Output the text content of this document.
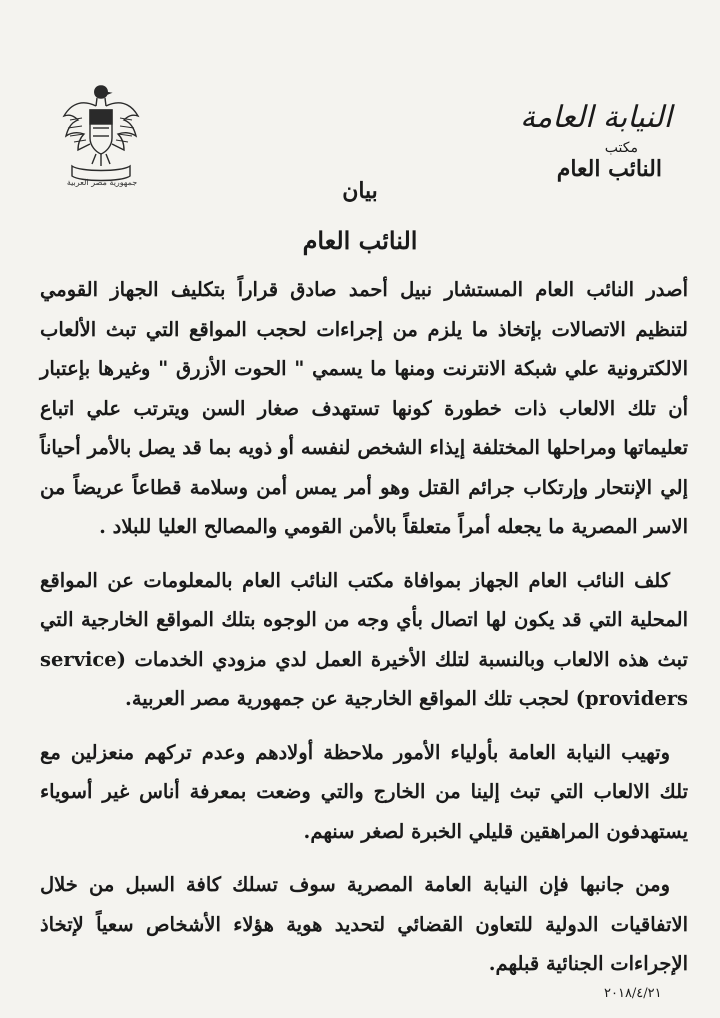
جمهورية مصر العربية
النيابة العامة
مكتب
النائب العام
بيان
النائب العام

أصدر النائب العام المستشار نبيل أحمد صادق قراراً بتكليف الجهاز القومي لتنظيم الاتصالات بإتخاذ ما يلزم من إجراءات لحجب المواقع التي تبث الألعاب الالكترونية علي شبكة الانترنت ومنها ما يسمي " الحوت الأزرق " وغيرها بإعتبار أن تلك الالعاب ذات خطورة كونها تستهدف صغار السن ويترتب علي اتباع تعليماتها ومراحلها المختلفة إيذاء الشخص لنفسه أو ذويه بما قد يصل بالأمر أحياناً إلي الإنتحار وإرتكاب جرائم القتل وهو أمر يمس أمن وسلامة قطاعاً عريضاً من الاسر المصرية ما يجعله أمراً متعلقاً بالأمن القومي والمصالح العليا للبلاد .

كلف النائب العام الجهاز بموافاة مكتب النائب العام بالمعلومات عن المواقع المحلية التي قد يكون لها اتصال بأي وجه من الوجوه بتلك المواقع الخارجية التي تبث هذه الالعاب وبالنسبة لتلك الأخيرة العمل لدي مزودي الخدمات (service providers) لحجب تلك المواقع الخارجية عن جمهورية مصر العربية.

وتهيب النيابة العامة بأولياء الأمور ملاحظة أولادهم وعدم تركهم منعزلين مع تلك الالعاب التي تبث إلينا من الخارج والتي وضعت بمعرفة أناس غير أسوياء يستهدفون المراهقين قليلي الخبرة لصغر سنهم.

ومن جانبها فإن النيابة العامة المصرية سوف تسلك كافة السبل من خلال الاتفاقيات الدولية للتعاون القضائي لتحديد هوية هؤلاء الأشخاص سعياً لإتخاذ الإجراءات الجنائية قبلهم.

٢٠١٨/٤/٢١
